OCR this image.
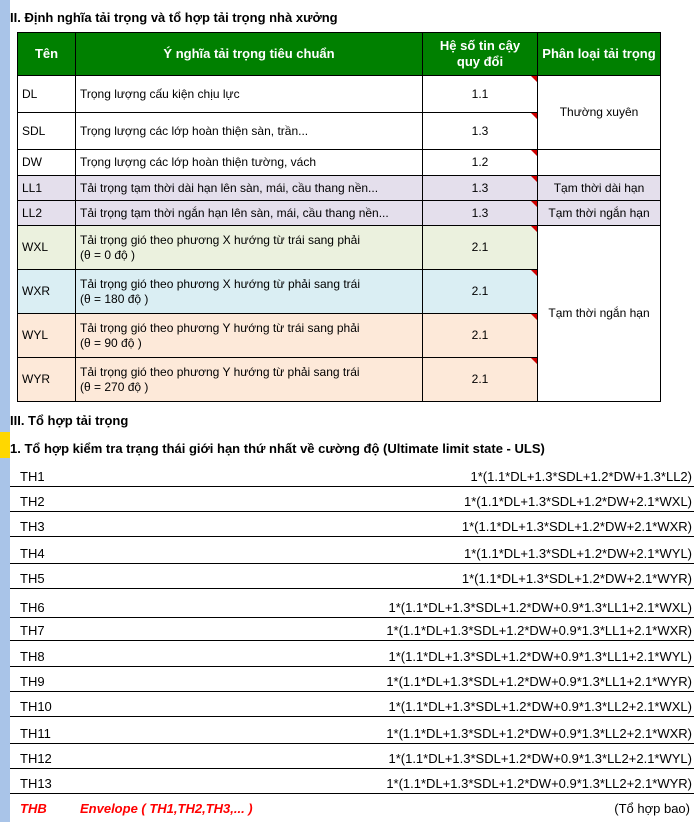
II. Định nghĩa tải trọng và tổ hợp tải trọng nhà xưởng
Tên	Ý nghĩa tải trọng tiêu chuẩn	Hệ số tin cậy quy đổi	Phân loại tải trọng
DL	Trọng lượng cấu kiện chịu lực	1.1	Thường xuyên
SDL	Trọng lượng các lớp hoàn thiện sàn, trần...	1.3	
DW	Trọng lượng các lớp hoàn thiện tường, vách	1.2	
LL1	Tải trọng tạm thời dài hạn lên sàn, mái, cầu thang nền...	1.3	Tạm thời dài hạn
LL2	Tải trọng tạm thời ngắn hạn lên sàn, mái, cầu thang nền...	1.3	Tạm thời ngắn hạn
WXL	Tải trọng gió theo phương X hướng từ trái sang phải
(θ = 0 độ )	2.1	Tạm thời ngắn hạn
WXR	Tải trọng gió theo phương X hướng từ phải sang trái
(θ = 180 độ )	2.1	
WYL	Tải trọng gió theo phương Y hướng từ trái sang phải
(θ = 90 độ )	2.1	
WYR	Tải trọng gió theo phương Y hướng từ phải sang trái
(θ = 270 độ )	2.1	
III. Tổ hợp tải trọng
1. Tổ hợp kiểm tra trạng thái giới hạn thứ nhất về cường độ (Ultimate limit state - ULS)
TH1	1*(1.1*DL+1.3*SDL+1.2*DW+1.3*LL2)
TH2	1*(1.1*DL+1.3*SDL+1.2*DW+2.1*WXL)
TH3	1*(1.1*DL+1.3*SDL+1.2*DW+2.1*WXR)
TH4	1*(1.1*DL+1.3*SDL+1.2*DW+2.1*WYL)
TH5	1*(1.1*DL+1.3*SDL+1.2*DW+2.1*WYR)
TH6	1*(1.1*DL+1.3*SDL+1.2*DW+0.9*1.3*LL1+2.1*WXL)
TH7	1*(1.1*DL+1.3*SDL+1.2*DW+0.9*1.3*LL1+2.1*WXR)
TH8	1*(1.1*DL+1.3*SDL+1.2*DW+0.9*1.3*LL1+2.1*WYL)
TH9	1*(1.1*DL+1.3*SDL+1.2*DW+0.9*1.3*LL1+2.1*WYR)
TH10	1*(1.1*DL+1.3*SDL+1.2*DW+0.9*1.3*LL2+2.1*WXL)
TH11	1*(1.1*DL+1.3*SDL+1.2*DW+0.9*1.3*LL2+2.1*WXR)
TH12	1*(1.1*DL+1.3*SDL+1.2*DW+0.9*1.3*LL2+2.1*WYL)
TH13	1*(1.1*DL+1.3*SDL+1.2*DW+0.9*1.3*LL2+2.1*WYR)
THB	Envelope ( TH1,TH2,TH3,... )	(Tổ hợp bao)
